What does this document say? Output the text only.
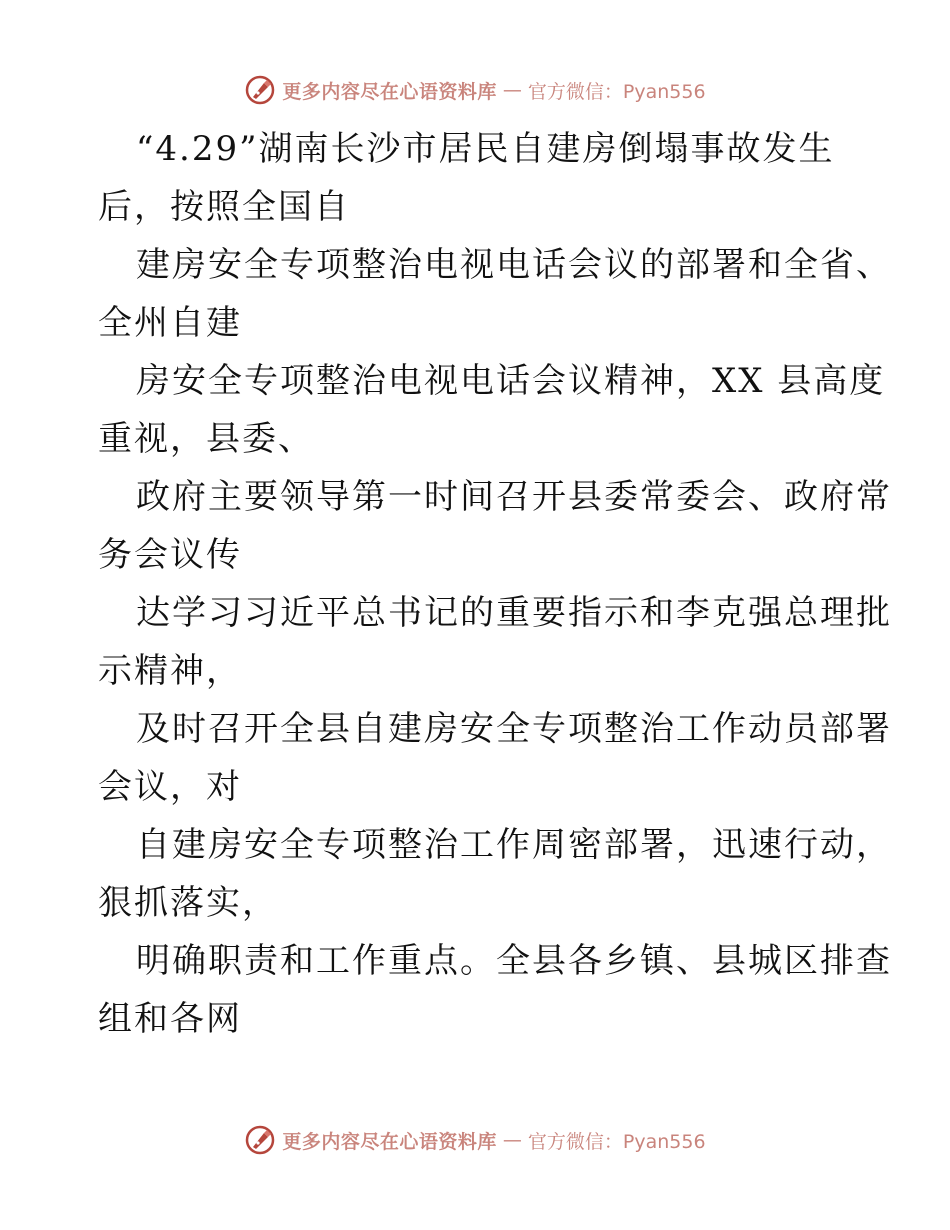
更多内容尽在心语资料库 — 官方微信：Pyan556
“4.29”湖南长沙市居民自建房倒塌事故发生
后，按照全国自
建房安全专项整治电视电话会议的部署和全省、
全州自建
房安全专项整治电视电话会议精神，XX 县高度
重视，县委、
政府主要领导第一时间召开县委常委会、政府常
务会议传
达学习习近平总书记的重要指示和李克强总理批
示精神，
及时召开全县自建房安全专项整治工作动员部署
会议，对
自建房安全专项整治工作周密部署，迅速行动，
狠抓落实，
明确职责和工作重点。全县各乡镇、县城区排查
组和各网
更多内容尽在心语资料库 — 官方微信：Pyan556
